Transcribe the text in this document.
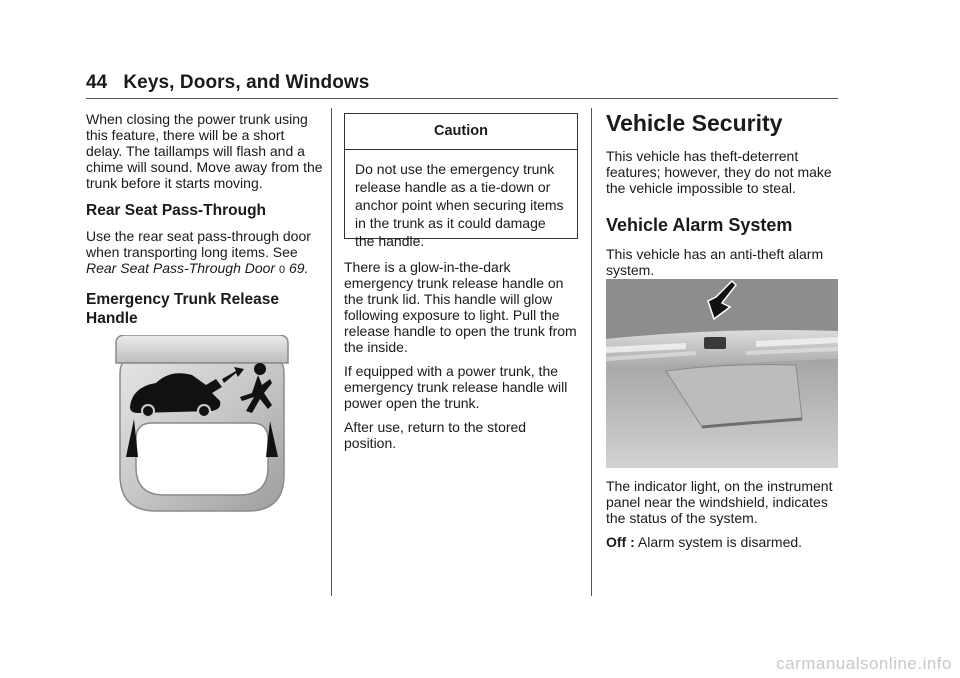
44 Keys, Doors, and Windows

When closing the power trunk using this feature, there will be a short delay. The taillamps will flash and a chime will sound. Move away from the trunk before it starts moving.

Rear Seat Pass-Through

Use the rear seat pass-through door when transporting long items. See Rear Seat Pass-Through Door 0 69.

Emergency Trunk Release
Handle
Caution
Do not use the emergency trunk release handle as a tie-down or anchor point when securing items in the trunk as it could damage the handle.

There is a glow-in-the-dark emergency trunk release handle on the trunk lid. This handle will glow following exposure to light. Pull the release handle to open the trunk from the inside.

If equipped with a power trunk, the emergency trunk release handle will power open the trunk.

After use, return to the stored position.

Vehicle Security

This vehicle has theft-deterrent features; however, they do not make the vehicle impossible to steal.

Vehicle Alarm System

This vehicle has an anti-theft alarm system.

The indicator light, on the instrument panel near the windshield, indicates the status of the system.

Off : Alarm system is disarmed.

carmanualsonline.info
